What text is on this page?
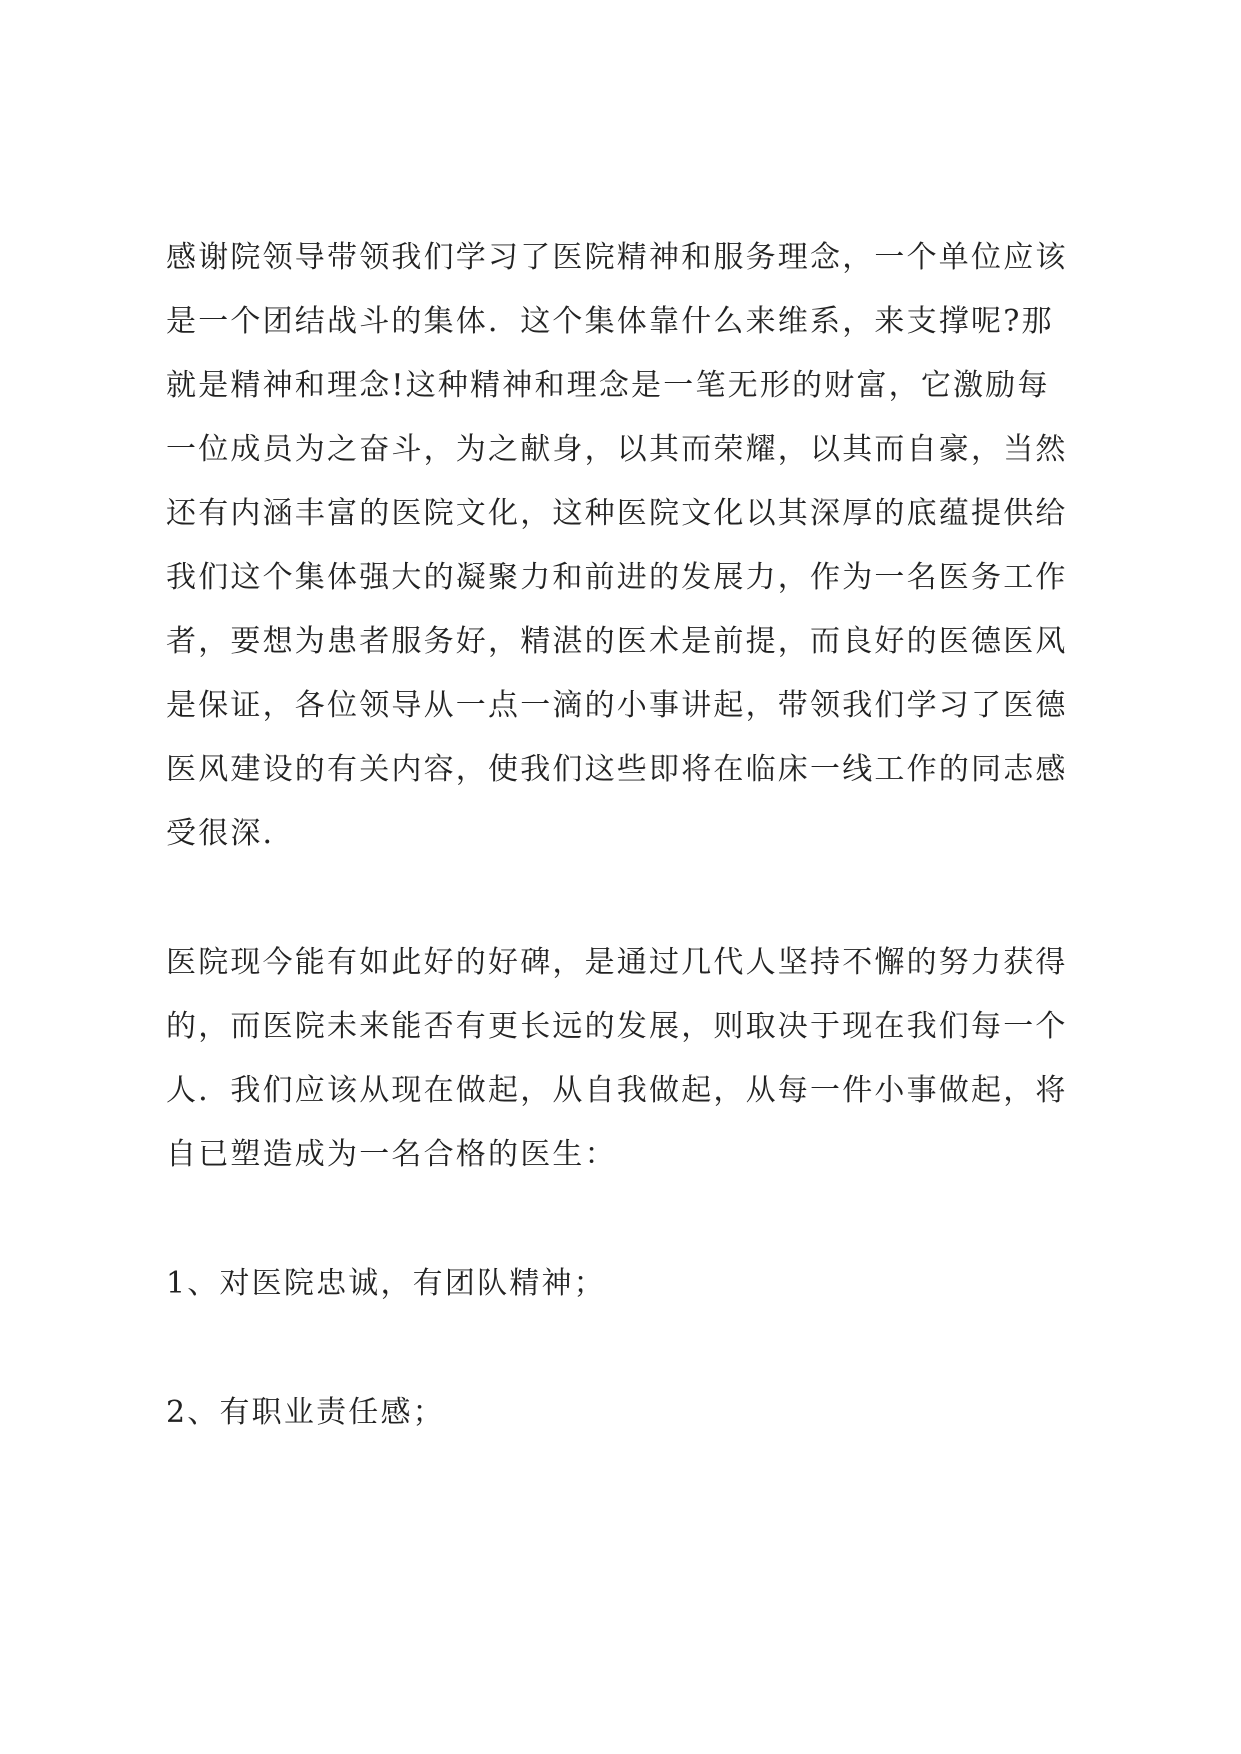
感谢院领导带领我们学习了医院精神和服务理念，一个单位应该
是一个团结战斗的集体．这个集体靠什么来维系，来支撑呢?那
就是精神和理念!这种精神和理念是一笔无形的财富，它激励每
一位成员为之奋斗，为之献身，以其而荣耀，以其而自豪，当然
还有内涵丰富的医院文化，这种医院文化以其深厚的底蕴提供给
我们这个集体强大的凝聚力和前进的发展力，作为一名医务工作
者，要想为患者服务好，精湛的医术是前提，而良好的医德医风
是保证，各位领导从一点一滴的小事讲起，带领我们学习了医德
医风建设的有关内容，使我们这些即将在临床一线工作的同志感
受很深．
医院现今能有如此好的好碑，是通过几代人坚持不懈的努力获得
的，而医院未来能否有更长远的发展，则取决于现在我们每一个
人．我们应该从现在做起，从自我做起，从每一件小事做起，将
自已塑造成为一名合格的医生：
1、对医院忠诚，有团队精神；
2、有职业责任感；
